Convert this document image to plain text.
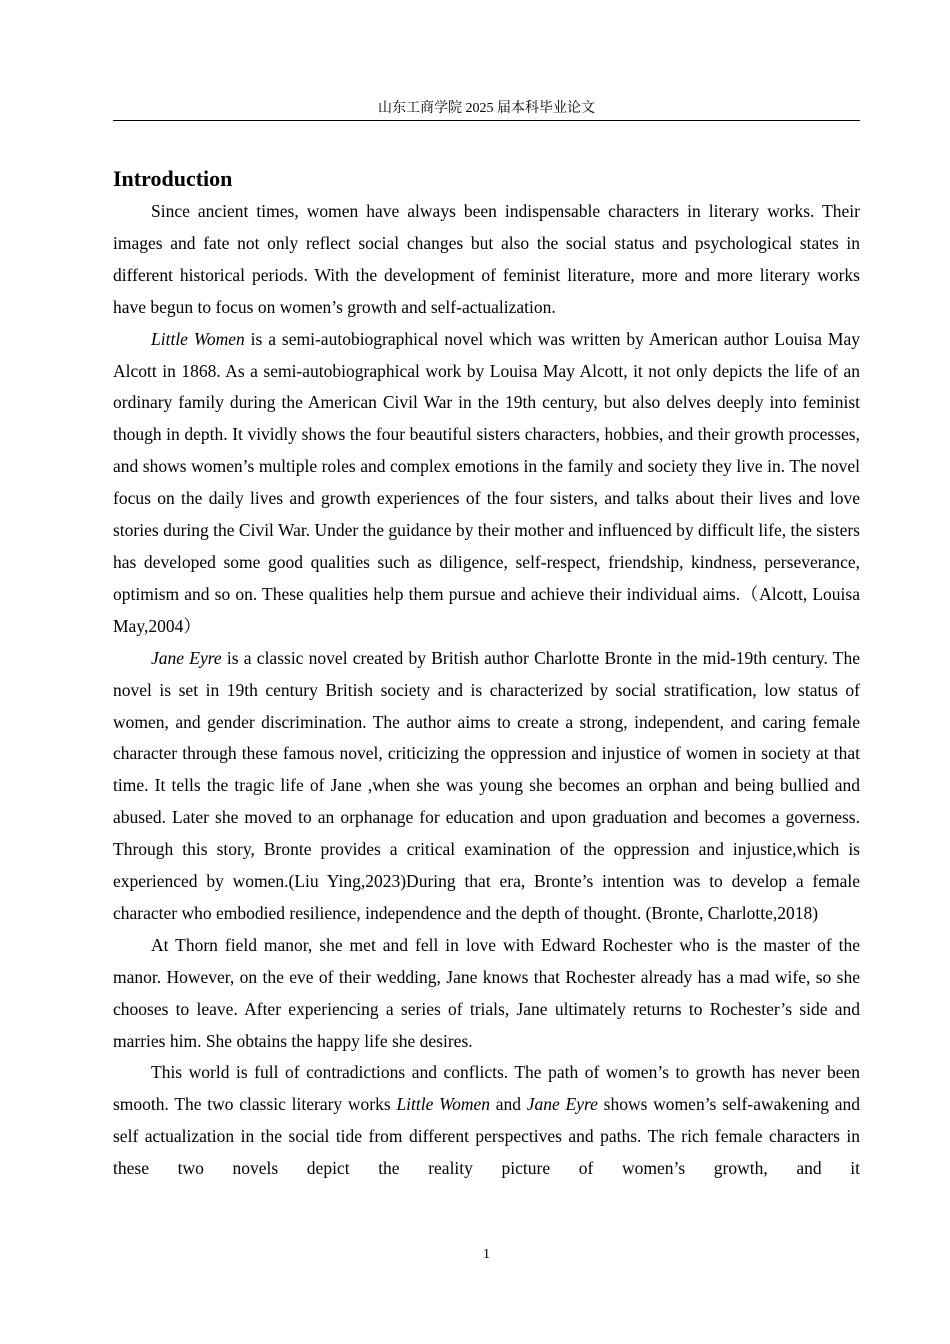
山东工商学院 2025 届本科毕业论文
Introduction

Since ancient times, women have always been indispensable characters in literary works. Their images and fate not only reflect social changes but also the social status and psychological states in different historical periods. With the development of feminist literature, more and more literary works have begun to focus on women’s growth and self-actualization.

Little Women is a semi-autobiographical novel which was written by American author Louisa May Alcott in 1868. As a semi-autobiographical work by Louisa May Alcott, it not only depicts the life of an ordinary family during the American Civil War in the 19th century, but also delves deeply into feminist though in depth. It vividly shows the four beautiful sisters characters, hobbies, and their growth processes, and shows women’s multiple roles and complex emotions in the family and society they live in. The novel focus on the daily lives and growth experiences of the four sisters, and talks about their lives and love stories during the Civil War. Under the guidance by their mother and influenced by difficult life, the sisters has developed some good qualities such as diligence, self-respect, friendship, kindness, perseverance, optimism and so on. These qualities help them pursue and achieve their individual aims.（Alcott, Louisa May,2004）

Jane Eyre is a classic novel created by British author Charlotte Bronte in the mid-19th century. The novel is set in 19th century British society and is characterized by social stratification, low status of women, and gender discrimination. The author aims to create a strong, independent, and caring female character through these famous novel, criticizing the oppression and injustice of women in society at that time. It tells the tragic life of Jane ,when she was young she becomes an orphan and being bullied and abused. Later she moved to an orphanage for education and upon graduation and becomes a governess. Through this story, Bronte provides a critical examination of the oppression and injustice,which is experienced by women.(Liu Ying,2023)During that era, Bronte’s intention was to develop a female character who embodied resilience, independence and the depth of thought. (Bronte, Charlotte,2018)

At Thorn field manor, she met and fell in love with Edward Rochester who is the master of the manor. However, on the eve of their wedding, Jane knows that Rochester already has a mad wife, so she chooses to leave. After experiencing a series of trials, Jane ultimately returns to Rochester’s side and marries him. She obtains the happy life she desires.

This world is full of contradictions and conflicts. The path of women’s to growth has never been smooth. The two classic literary works Little Women and Jane Eyre shows women’s self-awakening and self actualization in the social tide from different perspectives and paths. The rich female characters in these two novels depict the reality picture of women’s growth, and it

1
